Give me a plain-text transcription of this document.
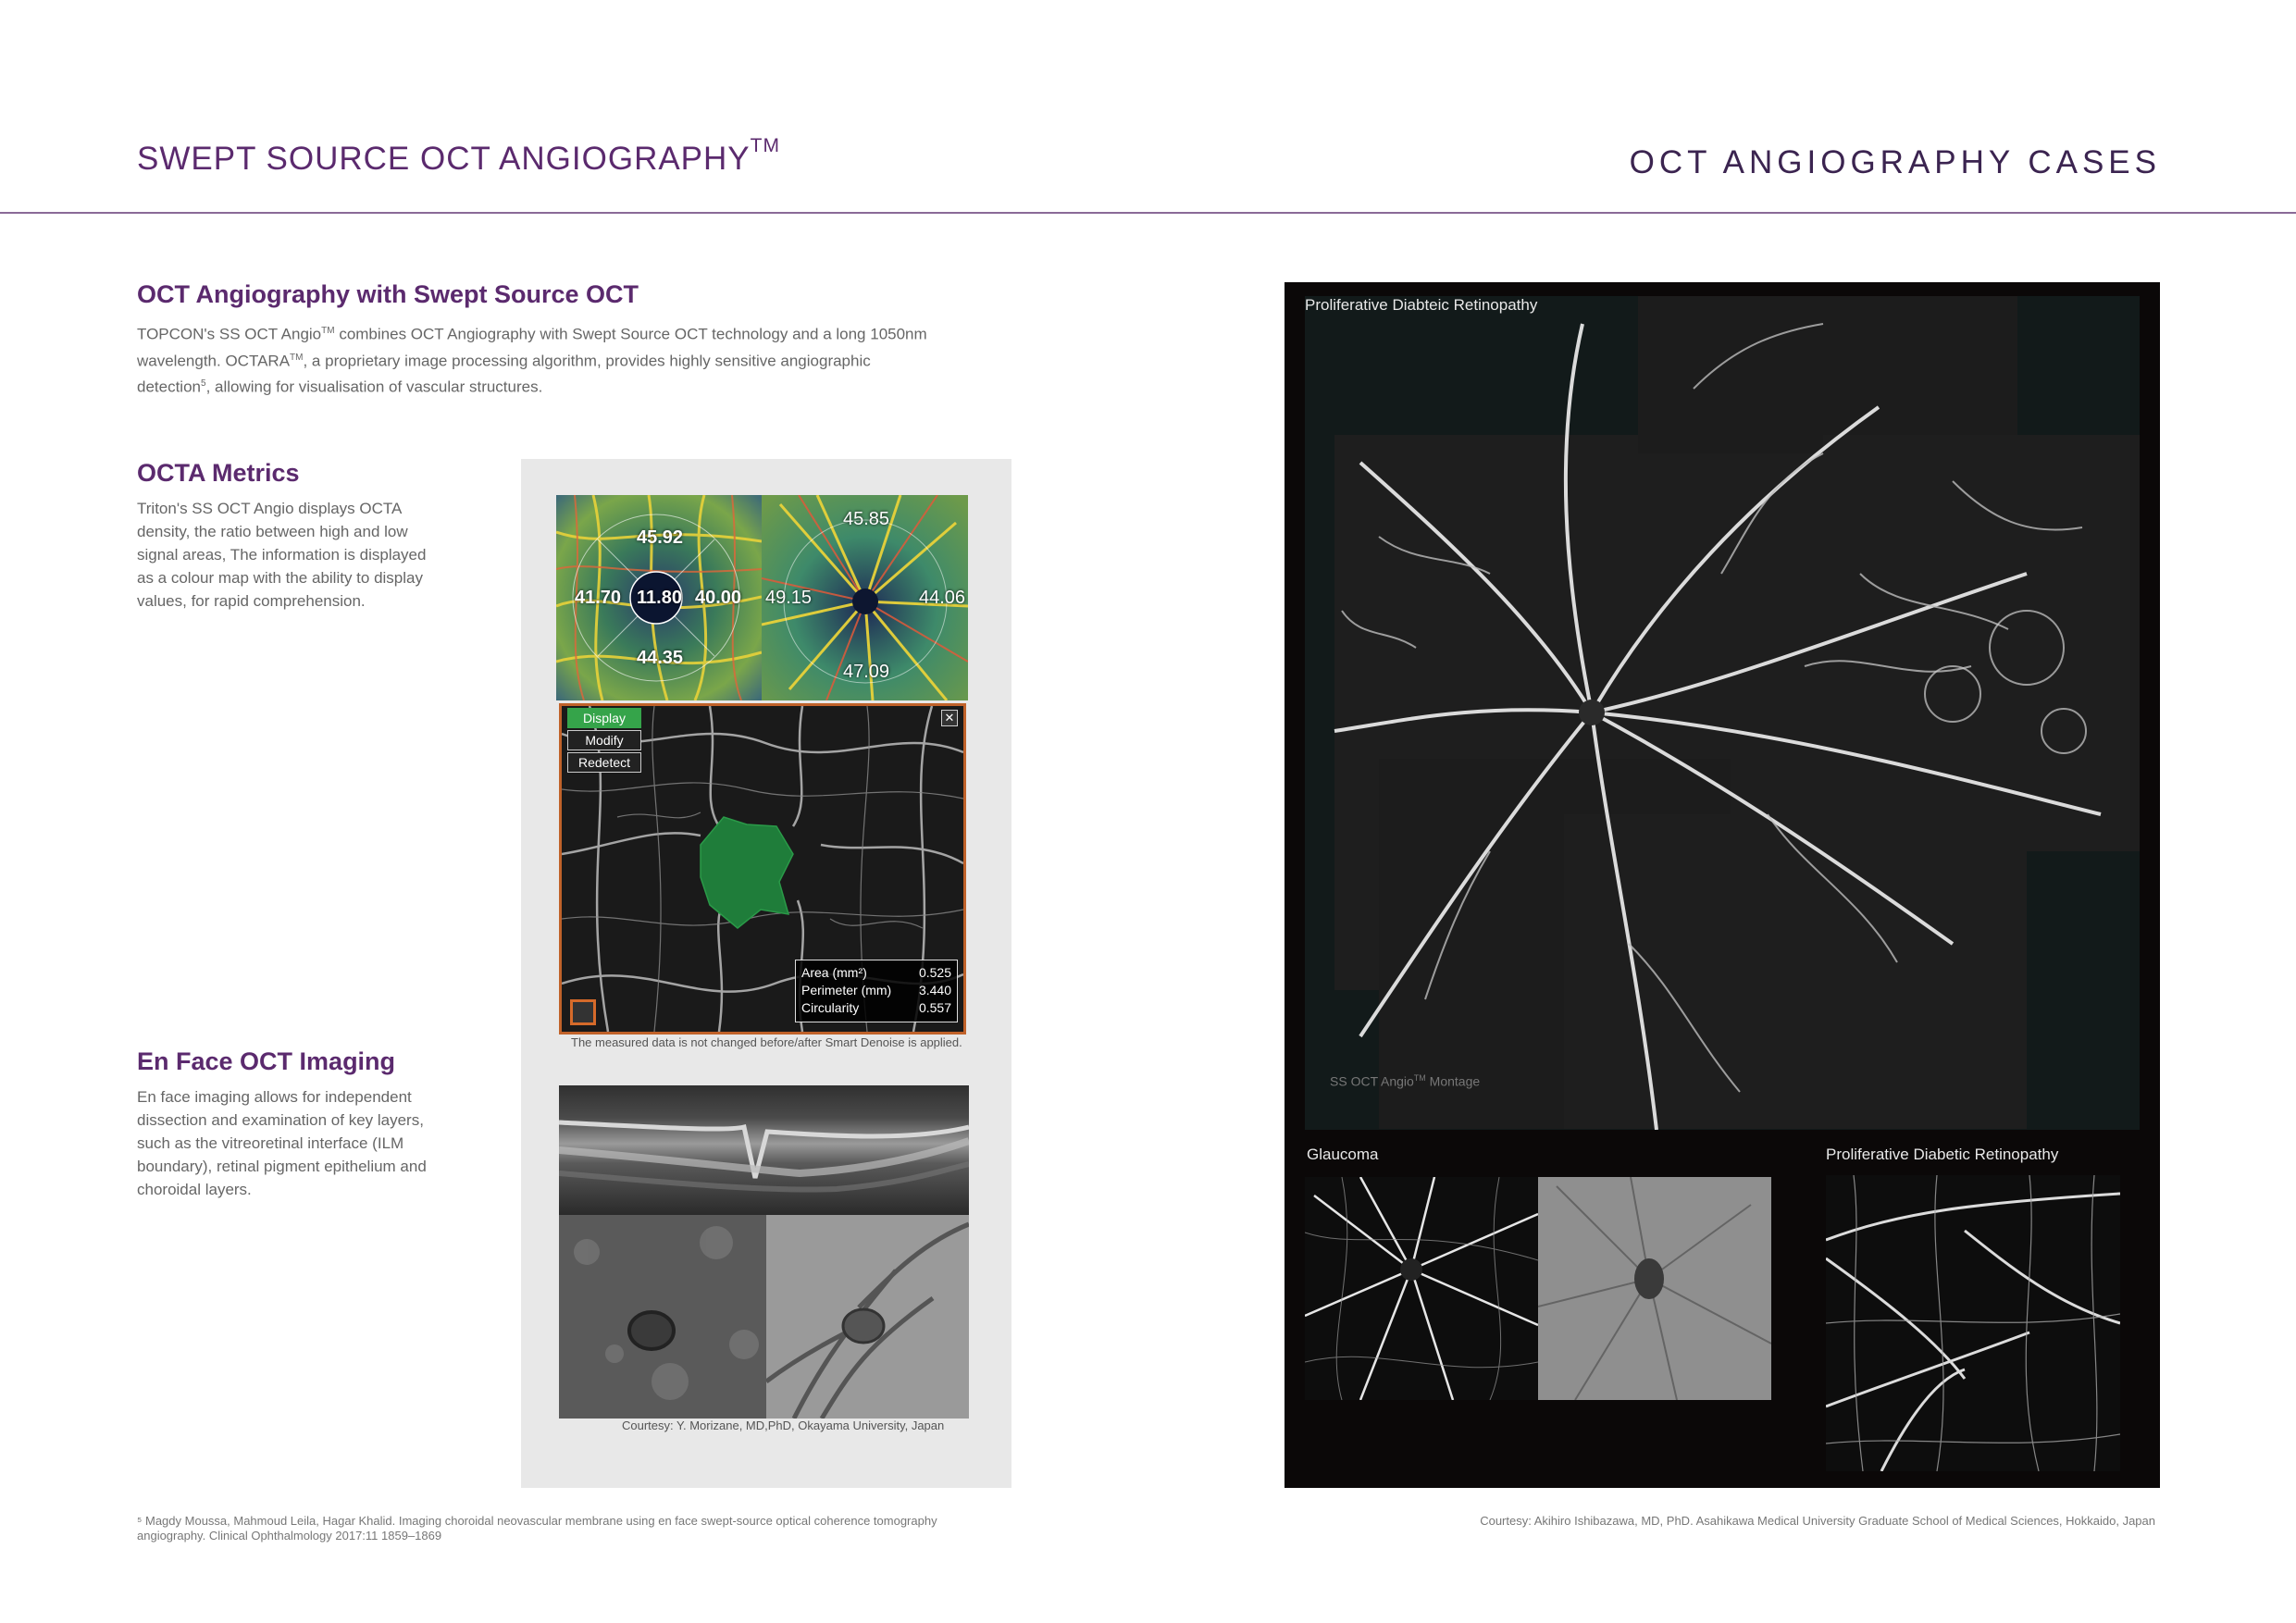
SWEPT SOURCE OCT ANGIOGRAPHY™	OCT ANGIOGRAPHY CASES
OCT Angiography with Swept Source OCT
TOPCON's SS OCT Angio™ combines OCT Angiography with Swept Source OCT technology and a long 1050nm
wavelength. OCTARA™, a proprietary image processing algorithm, provides highly sensitive angiographic
detection$^5$, allowing for visualisation of vascular structures.
OCTA Metrics
Triton's SS OCT Angio displays OCTA
density, the ratio between high and low
signal areas, The information is displayed
as a colour map with the ability to display
values, for rapid comprehension.
En Face OCT Imaging
En face imaging allows for independent
dissection and examination of key layers,
such as the vitreoretinal interface (ILM
boundary), retinal pigment epithelium and
choroidal layers.
45.92
41.70 11.80 40.00
44.35
45.85
49.15	44.06
47.09
Display
Modify
Redetect
✕
Area (mm²)	0.525
Perimeter (mm) 3.440
Circularity	0.557
The measured data is not changed before/after Smart Denoise is applied.
Courtesy: Y. Morizane, MD,PhD, Okayama University, Japan
SS OCT Angio™ Montage
Proliferative Diabteic Retinopathy
Glaucoma	Proliferative Diabetic Retinopathy
⁵ Magdy Moussa, Mahmoud Leila, Hagar Khalid. Imaging choroidal neovascular membrane using en face swept-source optical coherence tomography
angiography. Clinical Ophthalmology 2017:11 1859–1869
Courtesy: Akihiro Ishibazawa, MD, PhD. Asahikawa Medical University Graduate School of Medical Sciences, Hokkaido, Japan
